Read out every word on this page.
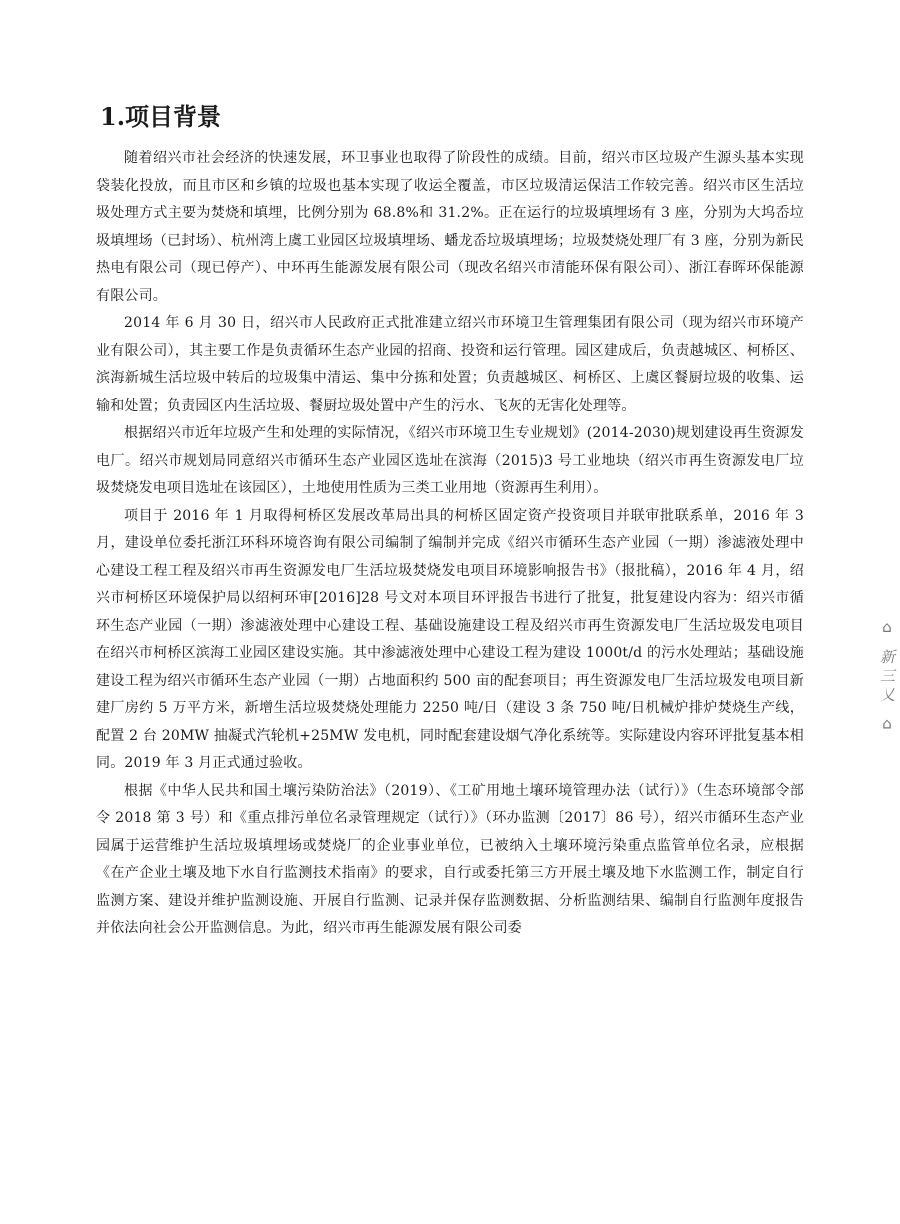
1.项目背景

随着绍兴市社会经济的快速发展，环卫事业也取得了阶段性的成绩。目前，绍兴市区垃圾产生源头基本实现袋装化投放，而且市区和乡镇的垃圾也基本实现了收运全覆盖，市区垃圾清运保洁工作较完善。绍兴市区生活垃圾处理方式主要为焚烧和填埋，比例分别为 68.8%和 31.2%。正在运行的垃圾填埋场有 3 座，分别为大坞岙垃圾填埋场（已封场）、杭州湾上虞工业园区垃圾填埋场、蟠龙岙垃圾填埋场；垃圾焚烧处理厂有 3 座，分别为新民热电有限公司（现已停产）、中环再生能源发展有限公司（现改名绍兴市清能环保有限公司）、浙江春晖环保能源有限公司。

2014 年 6 月 30 日，绍兴市人民政府正式批准建立绍兴市环境卫生管理集团有限公司（现为绍兴市环境产业有限公司），其主要工作是负责循环生态产业园的招商、投资和运行管理。园区建成后，负责越城区、柯桥区、滨海新城生活垃圾中转后的垃圾集中清运、集中分拣和处置；负责越城区、柯桥区、上虞区餐厨垃圾的收集、运输和处置；负责园区内生活垃圾、餐厨垃圾处置中产生的污水、飞灰的无害化处理等。

根据绍兴市近年垃圾产生和处理的实际情况，《绍兴市环境卫生专业规划》(2014-2030)规划建设再生资源发电厂。绍兴市规划局同意绍兴市循环生态产业园区选址在滨海（2015)3 号工业地块（绍兴市再生资源发电厂垃圾焚烧发电项目选址在该园区），土地使用性质为三类工业用地（资源再生利用）。

项目于 2016 年 1 月取得柯桥区发展改革局出具的柯桥区固定资产投资项目并联审批联系单，2016 年 3 月，建设单位委托浙江环科环境咨询有限公司编制了编制并完成《绍兴市循环生态产业园（一期）渗滤液处理中心建设工程工程及绍兴市再生资源发电厂生活垃圾焚烧发电项目环境影响报告书》（报批稿），2016 年 4 月，绍兴市柯桥区环境保护局以绍柯环审[2016]28 号文对本项目环评报告书进行了批复，批复建设内容为：绍兴市循环生态产业园（一期）渗滤液处理中心建设工程、基础设施建设工程及绍兴市再生资源发电厂生活垃圾发电项目在绍兴市柯桥区滨海工业园区建设实施。其中渗滤液处理中心建设工程为建设 1000t/d 的污水处理站；基础设施建设工程为绍兴市循环生态产业园（一期）占地面积约 500 亩的配套项目；再生资源发电厂生活垃圾发电项目新建厂房约 5 万平方米，新增生活垃圾焚烧处理能力 2250 吨/日（建设 3 条 750 吨/日机械炉排炉焚烧生产线，配置 2 台 20MW 抽凝式汽轮机+25MW 发电机，同时配套建设烟气净化系统等。实际建设内容环评批复基本相同。2019 年 3 月正式通过验收。

根据《中华人民共和国土壤污染防治法》（2019）、《工矿用地土壤环境管理办法（试行）》（生态环境部令部令 2018 第 3 号）和《重点排污单位名录管理规定（试行）》（环办监测〔2017〕86 号），绍兴市循环生态产业园属于运营维护生活垃圾填埋场或焚烧厂的企业事业单位，已被纳入土壤环境污染重点监管单位名录，应根据《在产企业土壤及地下水自行监测技术指南》的要求，自行或委托第三方开展土壤及地下水监测工作，制定自行监测方案、建设并维护监测设施、开展自行监测、记录并保存监测数据、分析监测结果、编制自行监测年度报告并依法向社会公开监测信息。为此，绍兴市再生能源发展有限公司委

⌂ 新三乂 ⌂
